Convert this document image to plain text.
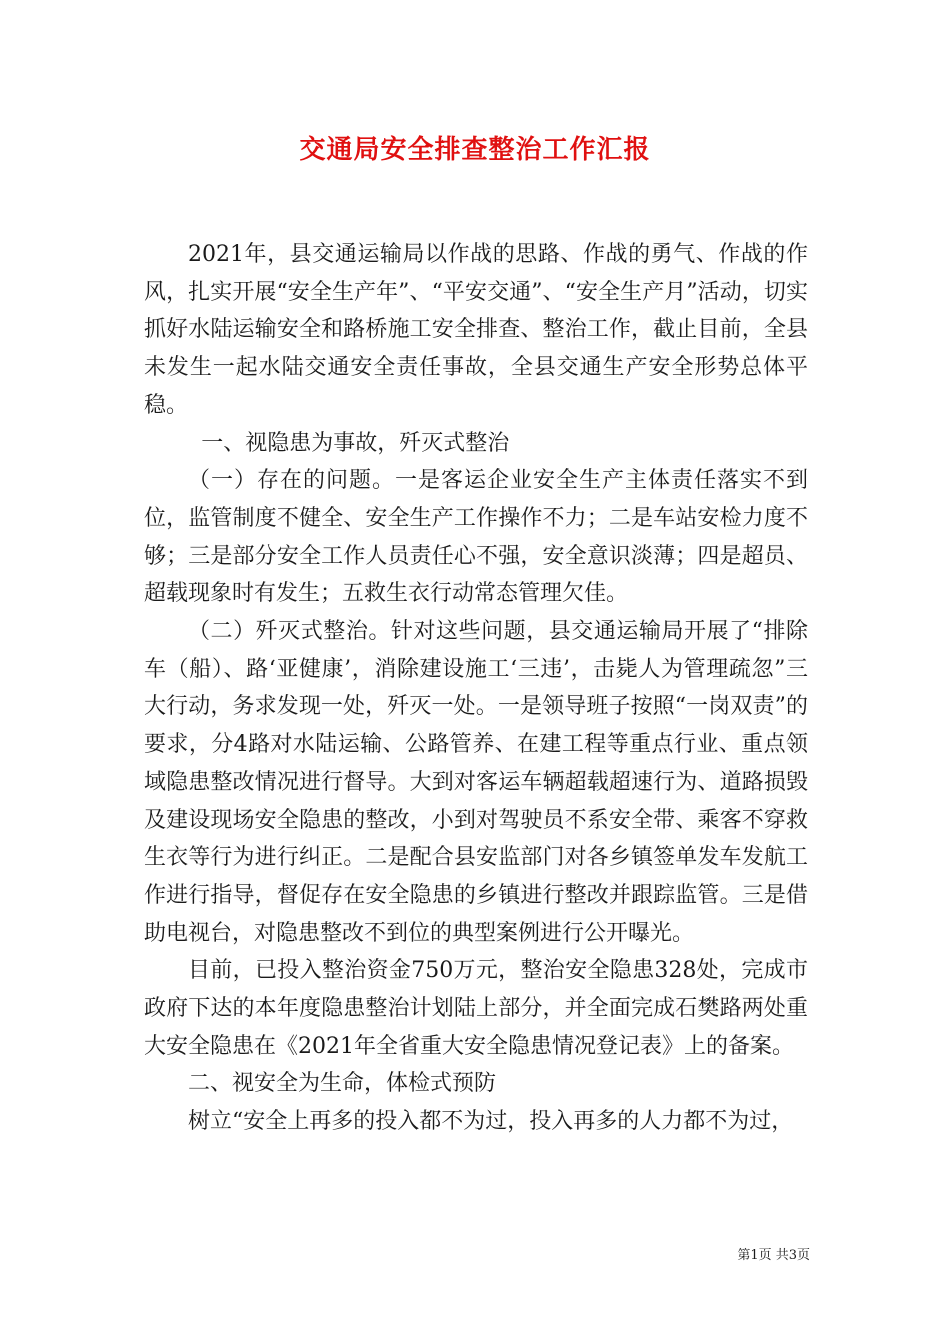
交通局安全排查整治工作汇报

2021年，县交通运输局以作战的思路、作战的勇气、作战的作风，扎实开展“安全生产年”、“平安交通”、“安全生产月”活动，切实抓好水陆运输安全和路桥施工安全排查、整治工作，截止目前，全县未发生一起水陆交通安全责任事故，全县交通生产安全形势总体平稳。

一、视隐患为事故，歼灭式整治

（一）存在的问题。一是客运企业安全生产主体责任落实不到位，监管制度不健全、安全生产工作操作不力；二是车站安检力度不够；三是部分安全工作人员责任心不强，安全意识淡薄；四是超员、超载现象时有发生；五救生衣行动常态管理欠佳。

（二）歼灭式整治。针对这些问题，县交通运输局开展了“排除车（船）、路‘亚健康’，消除建设施工‘三违’，击毙人为管理疏忽”三大行动，务求发现一处，歼灭一处。一是领导班子按照“一岗双责”的要求，分4路对水陆运输、公路管养、在建工程等重点行业、重点领域隐患整改情况进行督导。大到对客运车辆超载超速行为、道路损毁及建设现场安全隐患的整改，小到对驾驶员不系安全带、乘客不穿救生衣等行为进行纠正。二是配合县安监部门对各乡镇签单发车发航工作进行指导，督促存在安全隐患的乡镇进行整改并跟踪监管。三是借助电视台，对隐患整改不到位的典型案例进行公开曝光。

目前，已投入整治资金750万元，整治安全隐患328处，完成市政府下达的本年度隐患整治计划陆上部分，并全面完成石樊路两处重大安全隐患在《2021年全省重大安全隐患情况登记表》上的备案。

二、视安全为生命，体检式预防

树立“安全上再多的投入都不为过，投入再多的人力都不为过，

第1页 共3页
